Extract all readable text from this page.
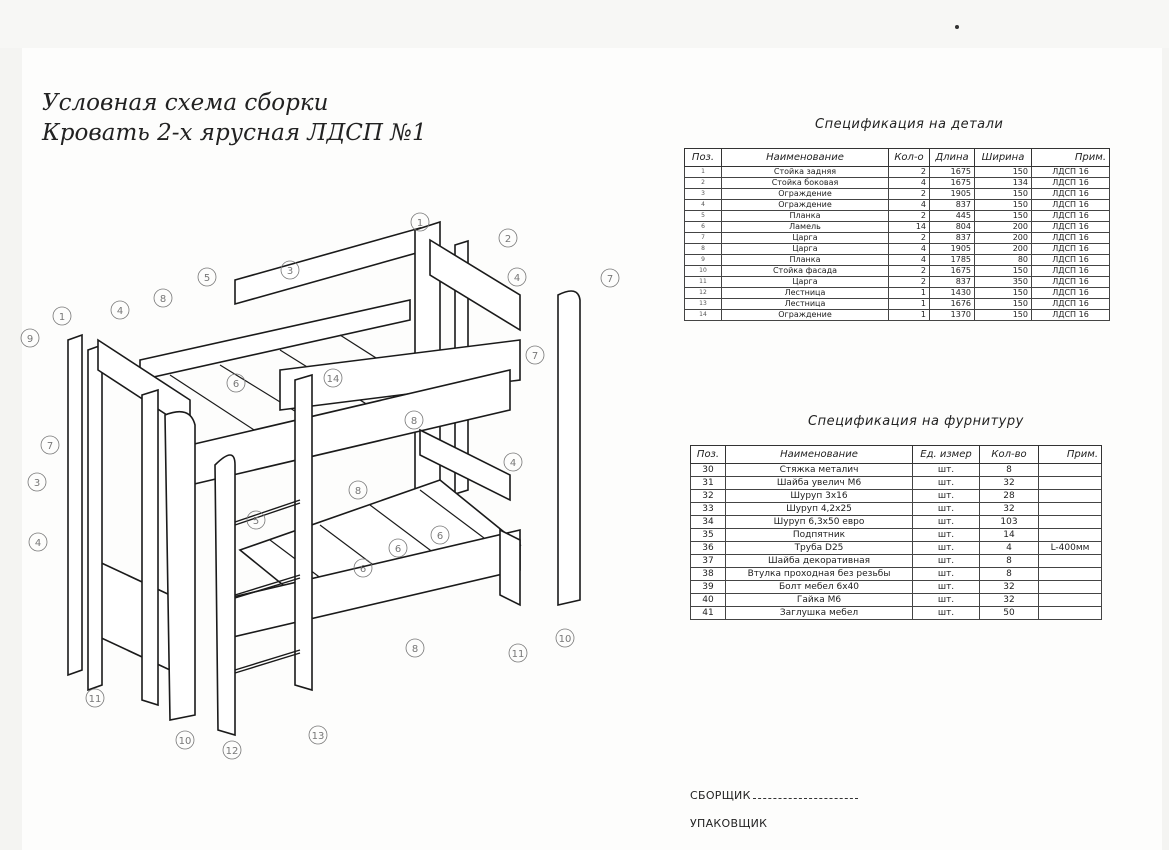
Условная схема сборки
Кровать 2-х ярусная ЛДСП №1
1
2
3
4
5
8
4
1
9
7
7
14
8
4
7
3
4
8
5
6
6
6
8	11
10
11
10
12
13
6
Спецификация на детали
Поз.	Наименование	Кол-о	Длина	Ширина	Прим.
1	Стойка задняя	2	1675	150	ЛДСП 16
2	Стойка боковая	4	1675	134	ЛДСП 16
3	Ограждение	2	1905	150	ЛДСП 16
4	Ограждение	4	837	150	ЛДСП 16
5	Планка	2	445	150	ЛДСП 16
6	Ламель	14	804	200	ЛДСП 16
7	Царга	2	837	200	ЛДСП 16
8	Царга	4	1905	200	ЛДСП 16
9	Планка	4	1785	80	ЛДСП 16
10	Стойка фасада	2	1675	150	ЛДСП 16
11	Царга	2	837	350	ЛДСП 16
12	Лестница	1	1430	150	ЛДСП 16
13	Лестница	1	1676	150	ЛДСП 16
14	Ограждение	1	1370	150	ЛДСП 16
Спецификация на фурнитуру
Поз.	Наименование	Ед. измер	Кол-во	Прим.
30	Стяжка металич	шт.	8	
31	Шайба увелич М6	шт.	32	
32	Шуруп 3х16	шт.	28	
33	Шуруп 4,2х25	шт.	32	
34	Шуруп 6,3х50 евро	шт.	103	
35	Подпятник	шт.	14	
36	Труба D25	шт.	4	L-400мм
37	Шайба декоративная	шт.	8	
38	Втулка проходная без резьбы	шт.	8	
39	Болт мебел 6х40	шт.	32	
40	Гайка М6	шт.	32	
41	Заглушка мебел	шт.	50	
СБОРЩИК
УПАКОВЩИК
